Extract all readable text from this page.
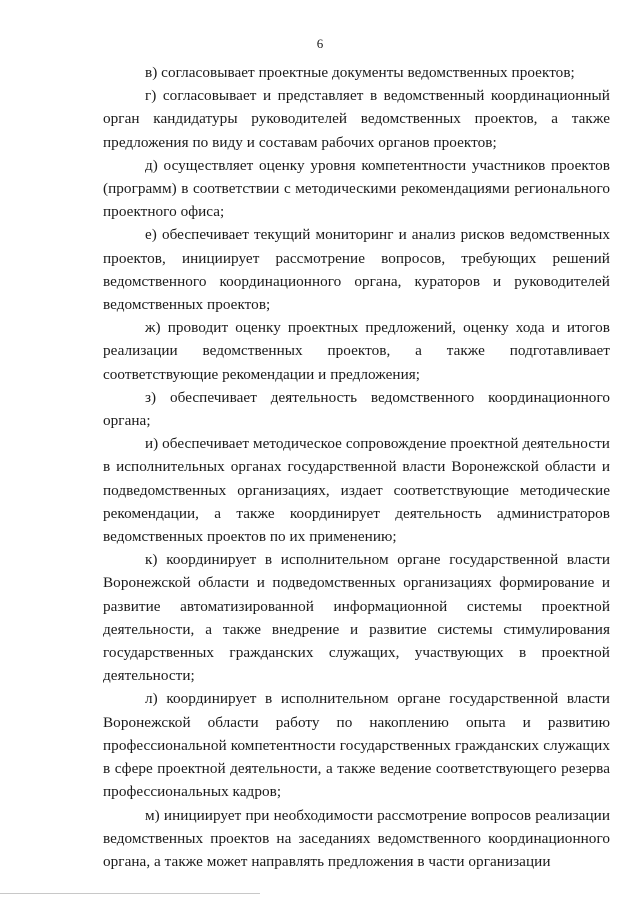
6

в) согласовывает проектные документы ведомственных проектов;

г) согласовывает и представляет в ведомственный координационный орган кандидатуры руководителей ведомственных проектов, а также предложения по виду и составам рабочих органов проектов;

д) осуществляет оценку уровня компетентности участников проектов (программ) в соответствии с методическими рекомендациями регионального проектного офиса;

е) обеспечивает текущий мониторинг и анализ рисков ведомственных проектов, инициирует рассмотрение вопросов, требующих решений ведомственного координационного органа, кураторов и руководителей ведомственных проектов;

ж) проводит оценку проектных предложений, оценку хода и итогов реализации ведомственных проектов, а также подготавливает соответствующие рекомендации и предложения;

з) обеспечивает деятельность ведомственного координационного органа;

и) обеспечивает методическое сопровождение проектной деятельности в исполнительных органах государственной власти Воронежской области и подведомственных организациях, издает соответствующие методические рекомендации, а также координирует деятельность администраторов ведомственных проектов по их применению;

к) координирует в исполнительном органе государственной власти Воронежской области и подведомственных организациях формирование и развитие автоматизированной информационной системы проектной деятельности, а также внедрение и развитие системы стимулирования государственных гражданских служащих, участвующих в проектной деятельности;

л) координирует в исполнительном органе государственной власти Воронежской области работу по накоплению опыта и развитию профессиональной компетентности государственных гражданских служащих в сфере проектной деятельности, а также ведение соответствующего резерва профессиональных кадров;

м) инициирует при необходимости рассмотрение вопросов реализации ведомственных проектов на заседаниях ведомственного координационного органа, а также может направлять предложения в части организации
